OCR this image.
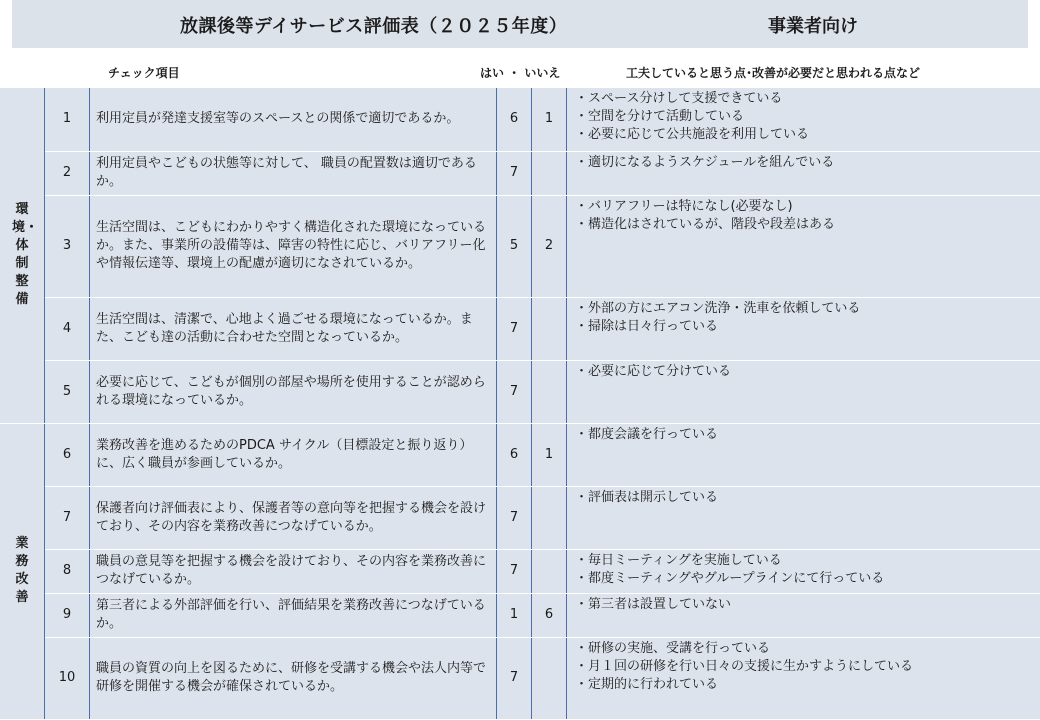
放課後等デイサービス評価表（２０２５年度）	事業者向け
チェック項目	はい ・ いいえ	工夫していると思う点･改善が必要だと思われる点など
環境・体制整備	1	利用定員が発達支援室等のスペースとの関係で適切であるか。	6	1	・スペース分けして支援できている
・空間を分けて活動している
・必要に応じて公共施設を利用している

	2	利用定員やこどもの状態等に対して、 職員の配置数は適切であるか。	7		・適切になるようスケジュールを組んでいる

	3	生活空間は、こどもにわかりやすく構造化された環境になっているか。また、事業所の設備等は、障害の特性に応じ、バリアフリー化や情報伝達等、環境上の配慮が適切になされているか。	5	2	・バリアフリーは特になし(必要なし)
・構造化はされているが、階段や段差はある

	4	生活空間は、清潔で、心地よく過ごせる環境になっているか。また、こども達の活動に合わせた空間となっているか。	7		・外部の方にエアコン洗浄・洗車を依頼している
・掃除は日々行っている

	5	必要に応じて、こどもが個別の部屋や場所を使用することが認められる環境になっているか。	7		・必要に応じて分けている

業務改善	6	業務改善を進めるためのPDCA サイクル（目標設定と振り返り）に、広く職員が参画しているか。	6	1	・都度会議を行っている

	7	保護者向け評価表により、保護者等の意向等を把握する機会を設けており、その内容を業務改善につなげているか。	7		・評価表は開示している

	8	職員の意見等を把握する機会を設けており、その内容を業務改善につなげているか。	7		・毎日ミーティングを実施している
・都度ミーティングやグループラインにて行っている

	9	第三者による外部評価を行い、評価結果を業務改善につなげているか。	1	6	・第三者は設置していない

	10	職員の資質の向上を図るために、研修を受講する機会や法人内等で研修を開催する機会が確保されているか。	7		・研修の実施、受講を行っている
・月１回の研修を行い日々の支援に生かすようにしている
・定期的に行われている
